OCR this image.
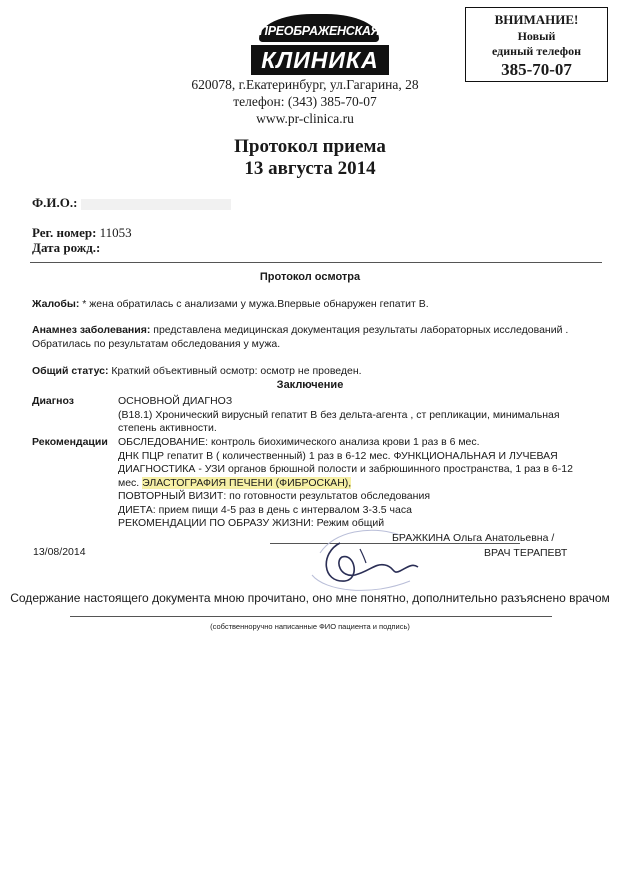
ПРЕОБРАЖЕНСКАЯ
КЛИНИКА
ВНИМАНИЕ!
Новый
единый телефон
385-70-07
620078, г.Екатеринбург, ул.Гагарина, 28
телефон: (343) 385-70-07
www.pr-clinica.ru
Протокол приема
13 августа 2014
Ф.И.О.:
Рег. номер: 11053
Дата рожд.:
Протокол осмотра
Жалобы: * жена обратилась с анализами у мужа.Впервые обнаружен гепатит В.
Анамнез заболевания: представлена медицинская документация результаты лабораторных исследований .
Обратилась по результатам обследования у мужа.
Общий статус: Краткий объективный осмотр: осмотр не проведен.
Заключение
Диагноз	ОСНОВНОЙ ДИАГНОЗ
(B18.1) Хронический вирусный гепатит B без дельта-агента , ст репликации, минимальная
степень активности.
Рекомендации ОБСЛЕДОВАНИЕ: контроль биохимического анализа крови 1 раз в 6 мес.
ДНК ПЦР гепатит В ( количественный) 1 раз в 6-12 мес. ФУНКЦИОНАЛЬНАЯ И ЛУЧЕВАЯ
ДИАГНОСТИКА - УЗИ органов брюшной полости и забрюшинного пространства, 1 раз в 6-12
мес. ЭЛАСТОГРАФИЯ ПЕЧЕНИ (ФИБРОСКАН),
ПОВТОРНЫЙ ВИЗИТ: по готовности результатов обследования
ДИЕТА: прием пищи 4-5 раз в день с интервалом 3-3.5 часа
РЕКОМЕНДАЦИИ ПО ОБРАЗУ ЖИЗНИ: Режим общий
13/08/2014
БРАЖКИНА Ольга Анатольевна /
ВРАЧ ТЕРАПЕВТ
Содержание настоящего документа мною прочитано, оно мне понятно, дополнительно разъяснено врачом
(собственноручно написанные ФИО пациента и подпись)
